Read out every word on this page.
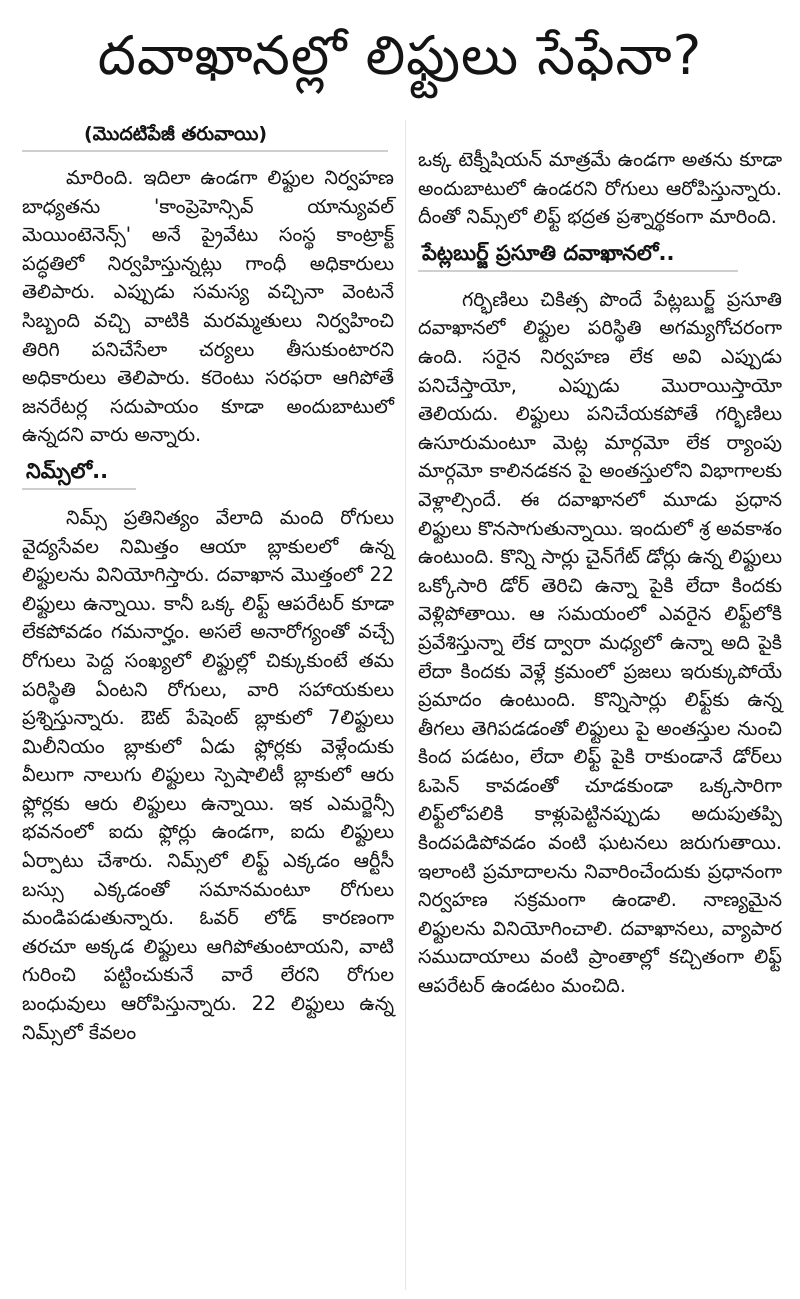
దవాఖానల్లో లిఫ్టులు సేఫేనా?
(మొదటిపేజీ తరువాయి)

మారింది. ఇదిలా ఉండగా లిఫ్టుల నిర్వహణ బాధ్యతను 'కాంప్రెహెన్సివ్ యాన్యువల్ మెయింటెనెన్స్' అనే ప్రైవేటు సంస్థ కాంట్రాక్ట్ పద్ధతిలో నిర్వహిస్తున్నట్లు గాంధీ అధికారులు తెలిపారు. ఎప్పుడు సమస్య వచ్చినా వెంటనే సిబ్బంది వచ్చి వాటికి మరమ్మతులు నిర్వహించి తిరిగి పనిచేసేలా చర్యలు తీసుకుంటారని అధికారులు తెలిపారు. కరెంటు సరఫరా ఆగిపోతే జనరేటర్ల సదుపాయం కూడా అందుబాటులో ఉన్నదని వారు అన్నారు.

నిమ్స్‌లో..

నిమ్స్ ప్రతినిత్యం వేలాది మంది రోగులు వైద్యసేవల నిమిత్తం ఆయా బ్లాకులలో ఉన్న లిఫ్టులను వినియోగిస్తారు. దవాఖాన మొత్తంలో 22 లిఫ్టులు ఉన్నాయి. కానీ ఒక్క లిఫ్ట్ ఆపరేటర్ కూడా లేకపోవడం గమనార్హం. అసలే అనారోగ్యంతో వచ్చే రోగులు పెద్ద సంఖ్యలో లిఫ్టుల్లో చిక్కుకుంటే తమ పరిస్థితి ఏంటని రోగులు, వారి సహాయకులు ప్రశ్నిస్తున్నారు. ఔట్ పేషెంట్ బ్లాకులో 7లిఫ్టులు మిలీనియం బ్లాకులో ఏడు ఫ్లోర్లకు వెళ్లేందుకు వీలుగా నాలుగు లిఫ్టులు స్పెషాలిటీ బ్లాకులో ఆరు ఫ్లోర్లకు ఆరు లిఫ్టులు ఉన్నాయి. ఇక ఎమర్జెన్సీ భవనంలో ఐదు ఫ్లోర్లు ఉండగా, ఐదు లిఫ్టులు ఏర్పాటు చేశారు. నిమ్స్‌లో లిఫ్ట్ ఎక్కడం ఆర్టీసీ బస్సు ఎక్కడంతో సమానమంటూ రోగులు మండిపడుతున్నారు. ఓవర్ లోడ్ కారణంగా తరచూ అక్కడ లిఫ్టులు ఆగిపోతుంటాయని, వాటి గురించి పట్టించుకునే వారే లేరని రోగుల బంధువులు ఆరోపిస్తున్నారు. 22 లిఫ్టులు ఉన్న నిమ్స్‌లో కేవలం

ఒక్క టెక్నీషియన్ మాత్రమే ఉండగా అతను కూడా అందుబాటులో ఉండరని రోగులు ఆరోపిస్తున్నారు. దీంతో నిమ్స్‌లో లిఫ్ట్ భద్రత ప్రశ్నార్థకంగా మారింది.

పేట్లబుర్జ్ ప్రసూతి దవాఖానలో..

గర్భిణిలు చికిత్స పొందే పేట్లబుర్జ్ ప్రసూతి దవాఖానలో లిఫ్టుల పరిస్థితి అగమ్యగోచరంగా ఉంది. సరైన నిర్వహణ లేక అవి ఎప్పుడు పనిచేస్తాయో, ఎప్పుడు మొరాయిస్తాయో తెలియదు. లిఫ్టులు పనిచేయకపోతే గర్భిణిలు ఉసూరుమంటూ మెట్ల మార్గమో లేక ర్యాంపు మార్గమో కాలినడకన పై అంతస్తులోని విభాగాలకు వెళ్లాల్సిందే. ఈ దవాఖానలో మూడు ప్రధాన లిఫ్టులు కొనసాగుతున్నాయి. ఇందులో శ్ర అవకాశం ఉంటుంది. కొన్ని సార్లు చైన్‌గేట్ డోర్లు ఉన్న లిఫ్టులు ఒక్కోసారి డోర్ తెరిచి ఉన్నా పైకి లేదా కిందకు వెళ్లిపోతాయి. ఆ సమయంలో ఎవరైన లిఫ్ట్‌లోకి ప్రవేశిస్తున్నా లేక ద్వారా మధ్యలో ఉన్నా అది పైకి లేదా కిందకు వెళ్లే క్రమంలో ప్రజలు ఇరుక్కుపోయే ప్రమాదం ఉంటుంది. కొన్నిసార్లు లిఫ్ట్‌కు ఉన్న తీగలు తెగిపడడంతో లిఫ్టులు పై అంతస్తుల నుంచి కింద పడటం, లేదా లిఫ్ట్ పైకి రాకుండానే డోర్‌లు ఓపెన్ కావడంతో చూడకుండా ఒక్కసారిగా లిఫ్ట్‌లోపలికి కాళ్లుపెట్టినప్పుడు అదుపుతప్పి కిందపడిపోవడం వంటి ఘటనలు జరుగుతాయి. ఇలాంటి ప్రమాదాలను నివారించేందుకు ప్రధానంగా నిర్వహణ సక్రమంగా ఉండాలి. నాణ్యమైన లిఫ్టులను వినియోగించాలి. దవాఖానలు, వ్యాపార సముదాయాలు వంటి ప్రాంతాల్లో కచ్చితంగా లిఫ్ట్ ఆపరేటర్ ఉండటం మంచిది.
